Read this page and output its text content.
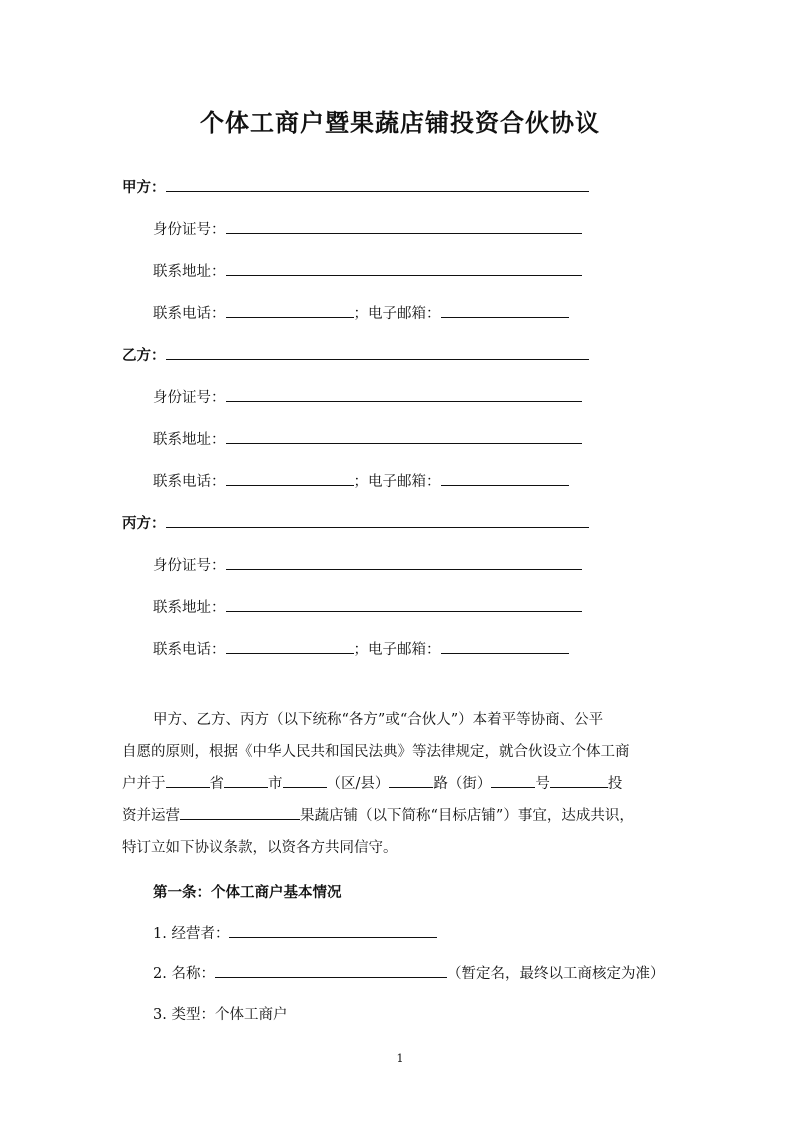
个体工商户暨果蔬店铺投资合伙协议
甲方：
身份证号：
联系地址：
联系电话：	；电子邮箱：
乙方：
身份证号：
联系地址：
联系电话：	；电子邮箱：
丙方：
身份证号：
联系地址：
联系电话：	；电子邮箱：

甲方、乙方、丙方（以下统称“各方”或“合伙人”）本着平等协商、公平

自愿的原则，根据《中华人民共和国民法典》等法律规定，就合伙设立个体工商

户并于	省	市	（区/县）	路（街）	号	投

资并运营	果蔬店铺（以下简称“目标店铺”）事宜，达成共识，

特订立如下协议条款，以资各方共同信守。

第一条：个体工商户基本情况
1. 经营者：
2. 名称：	（暂定名，最终以工商核定为准）
3. 类型：个体工商户
1
